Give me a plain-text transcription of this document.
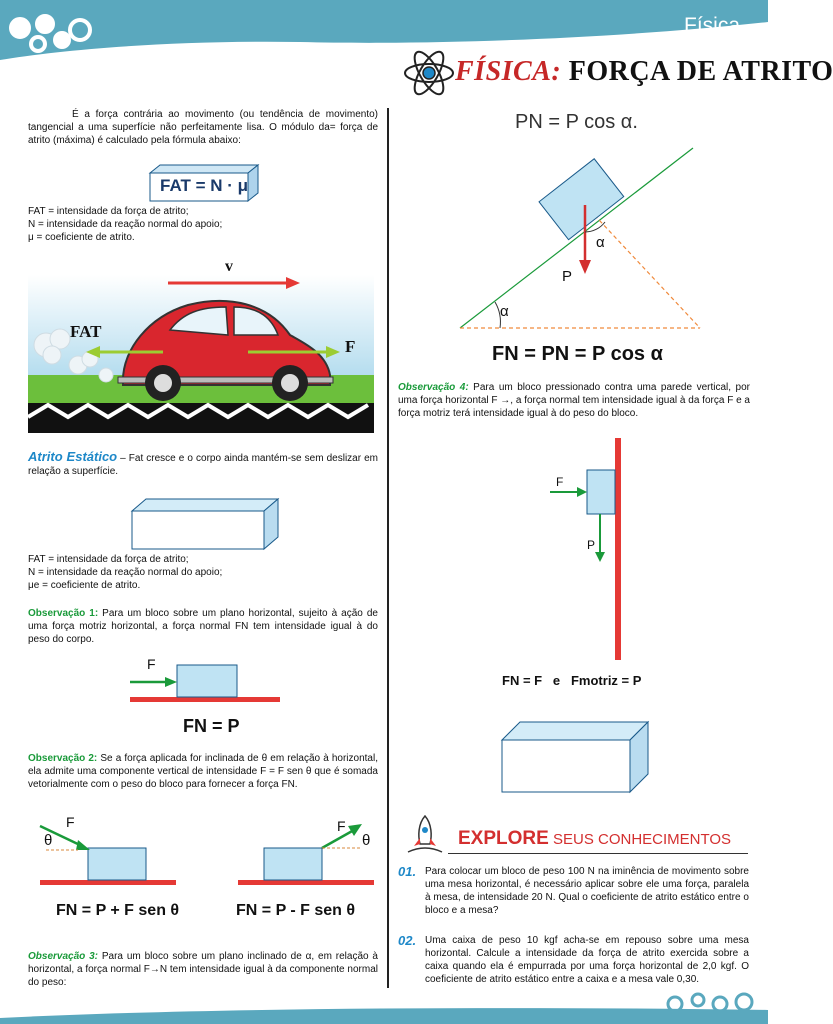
Física
FÍSICA: FORÇA DE ATRITO
É a força contrária ao movimento (ou tendência de movimento) tangencial a uma superfície não perfeitamente lisa. O módulo da= força de atrito (máxima) é calculado pela fórmula abaixo:
FAT = N · μ
FAT = intensidade da força de atrito;
N = intensidade da reação normal do apoio;
μ = coeficiente de atrito.
v
FAT
F
Atrito Estático – Fat cresce e o corpo ainda mantém-se sem deslizar em relação a superfície.
FAT = intensidade da força de atrito;
N = intensidade da reação normal do apoio;
μe = coeficiente de atrito.
Observação 1: Para um bloco sobre um plano horizontal, sujeito à ação de uma força motriz horizontal, a força normal FN tem intensidade igual à do peso do corpo.
F
FN = P
Observação 2: Se a força aplicada for inclinada de θ em relação à horizontal, ela admite uma componente vertical de intensidade F = F sen θ que é somada vetorialmente com o peso do bloco para fornecer a força FN.
θ
F	F
θ
FN = P + F sen θ	FN = P - F sen θ
Observação 3: Para um bloco sobre um plano inclinado de α, em relação à horizontal, a força normal F→N tem intensidade igual à da componente normal do peso:
PN = P cos α.
α
α
P
FN = PN = P cos α
Observação 4: Para um bloco pressionado contra uma parede vertical, por uma força horizontal F →, a força normal tem intensidade igual à da força F e a força motriz terá intensidade igual à do peso do bloco.
F
P
FN = F   e   Fmotriz = P
EXPLORE SEUS CONHECIMENTOS
01. Para colocar um bloco de peso 100 N na iminência de movimento sobre uma mesa horizontal, é necessário aplicar sobre ele uma força, paralela à mesa, de intensidade 20 N. Qual o coeficiente de atrito estático entre o bloco e a mesa?
02. Uma caixa de peso 10 kgf acha-se em repouso sobre uma mesa horizontal. Calcule a intensidade da força de atrito exercida sobre a caixa quando ela é empurrada por uma força horizontal de 2,0 kgf. O coeficiente de atrito estático entre a caixa e a mesa vale 0,30.
